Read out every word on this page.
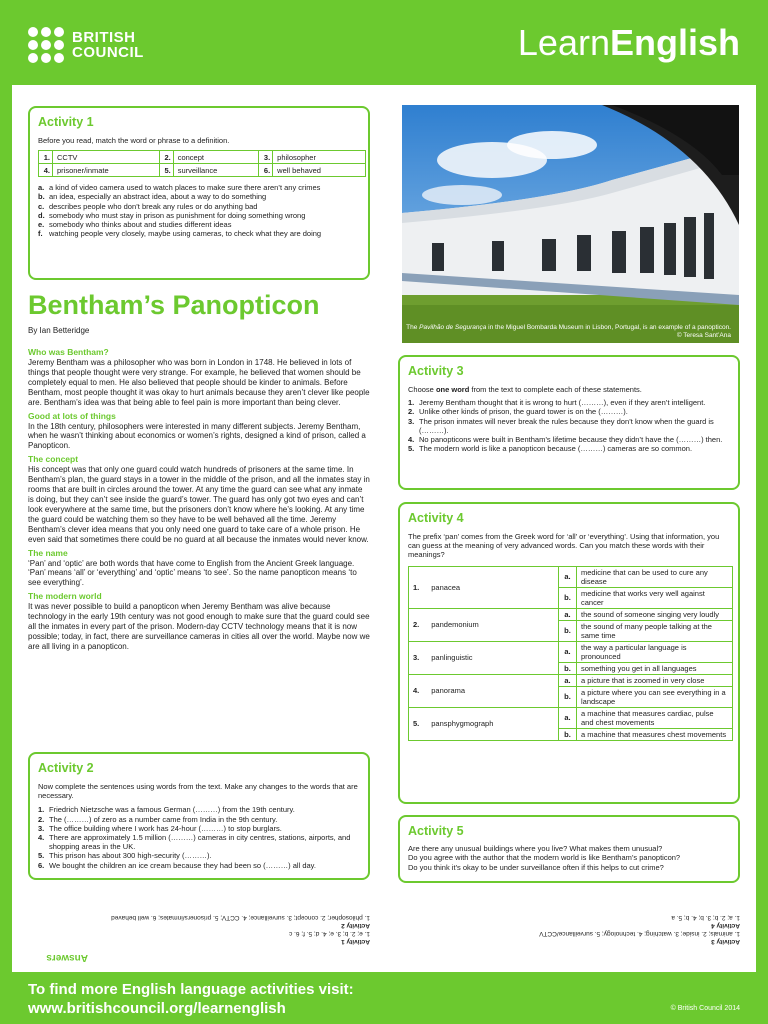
BRITISH
COUNCIL	LearnEnglish
Activity 1

Before you read, match the word or phrase to a definition.

1.	CCTV	2.	concept	3.	philosopher
4.	prisoner/inmate	5.	surveillance	6.	well behaved
a. a kind of video camera used to watch places to make sure there aren’t any crimes
b. an idea, especially an abstract idea, about a way to do something
c. describes people who don’t break any rules or do anything bad
d. somebody who must stay in prison as punishment for doing something wrong
e. somebody who thinks about and studies different ideas
f. watching people very closely, maybe using cameras, to check what they are doing
Bentham’s Panopticon
By Ian Betteridge
Who was Bentham?

Jeremy Bentham was a philosopher who was born in London in 1748. He believed in lots of things that people thought were very strange. For example, he believed that women should be completely equal to men. He also believed that people should be kinder to animals. Before Bentham, most people thought it was okay to hurt animals because they aren’t clever like people are. Bentham’s idea was that being able to feel pain is more important than being clever.

Good at lots of things

In the 18th century, philosophers were interested in many different subjects. Jeremy Bentham, when he wasn’t thinking about economics or women’s rights, designed a kind of prison, called a Panopticon.

The concept

His concept was that only one guard could watch hundreds of prisoners at the same time. In Bentham’s plan, the guard stays in a tower in the middle of the prison, and all the inmates stay in rooms that are built in circles around the tower. At any time the guard can see what any inmate is doing, but they can’t see inside the guard’s tower. The guard has only got two eyes and can’t look everywhere at the same time, but the prisoners don’t know where he’s looking. At any time the guard could be watching them so they have to be well behaved all the time. Jeremy Bentham’s clever idea means that you only need one guard to take care of a whole prison. He even said that sometimes there could be no guard at all because the inmates would never know.

The name

‘Pan’ and ‘optic’ are both words that have come to English from the Ancient Greek language. ‘Pan’ means ‘all’ or ‘everything’ and ‘optic’ means ‘to see’. So the name panopticon means ‘to see everything’.

The modern world

It was never possible to build a panopticon when Jeremy Bentham was alive because technology in the early 19th century was not good enough to make sure that the guard could see all the inmates in every part of the prison. Modern-day CCTV technology means that it is now possible; today, in fact, there are surveillance cameras in cities all over the world. Maybe now we are all living in a panopticon.

The Pavilhão de Segurança in the Miguel Bombarda Museum in Lisbon, Portugal, is an example of a panopticon.
© Teresa Sant’Ana
Activity 2

Now complete the sentences using words from the text. Make any changes to the words that are necessary.

1. Friedrich Nietzsche was a famous German (………) from the 19th century.
2. The (………) of zero as a number came from India in the 9th century.
3. The office building where I work has 24-hour (………) to stop burglars.
4. There are approximately 1.5 million (………) cameras in city centres, stations, airports, and shopping areas in the UK.
5. This prison has about 300 high-security (………).
6. We bought the children an ice cream because they had been so (………) all day.
Activity 3

Choose one word from the text to complete each of these statements.

1. Jeremy Bentham thought that it is wrong to hurt (………), even if they aren’t intelligent.
2. Unlike other kinds of prison, the guard tower is on the (………).
3. The prison inmates will never break the rules because they don’t know when the guard is (………).
4. No panopticons were built in Bentham’s lifetime because they didn’t have the (………) then.
5. The modern world is like a panopticon because (………) cameras are so common.
Activity 4

The prefix ‘pan’ comes from the Greek word for ‘all’ or ‘everything’. Using that information, you can guess at the meaning of very advanced words. Can you match these words with their meanings?

1. panacea	a.	medicine that can be used to cure any disease
	b.	medicine that works very well against cancer
2. pandemonium	a.	the sound of someone singing very loudly
	b.	the sound of many people talking at the same time
3. panlinguistic	a.	the way a particular language is pronounced
	b.	something you get in all languages
4. panorama	a.	a picture that is zoomed in very close
	b.	a picture where you can see everything in a landscape
5. pansphygmograph	a.	a machine that measures cardiac, pulse and chest movements
	b.	a machine that measures chest movements
Activity 5
Are there any unusual buildings where you live? What makes them unusual?
Do you agree with the author that the modern world is like Bentham’s panopticon?
Do you think it’s okay to be under surveillance often if this helps to cut crime?
Answers
Activity 1
1. e; 2. b; 3. e; 4. d; 5. f; 6. c
Activity 2
1. philosopher; 2. concept; 3. surveillance; 4. CCTV; 5. prisoners/inmates; 6. well behaved
Activity 3
1. animals; 2. inside; 3. watching; 4. technology; 5. surveillance/CCTV
Activity 4
1. a; 2. b; 3. b; 4. b; 5. a
To find more English language activities visit:
www.britishcouncil.org/learnenglish	© British Council 2014
